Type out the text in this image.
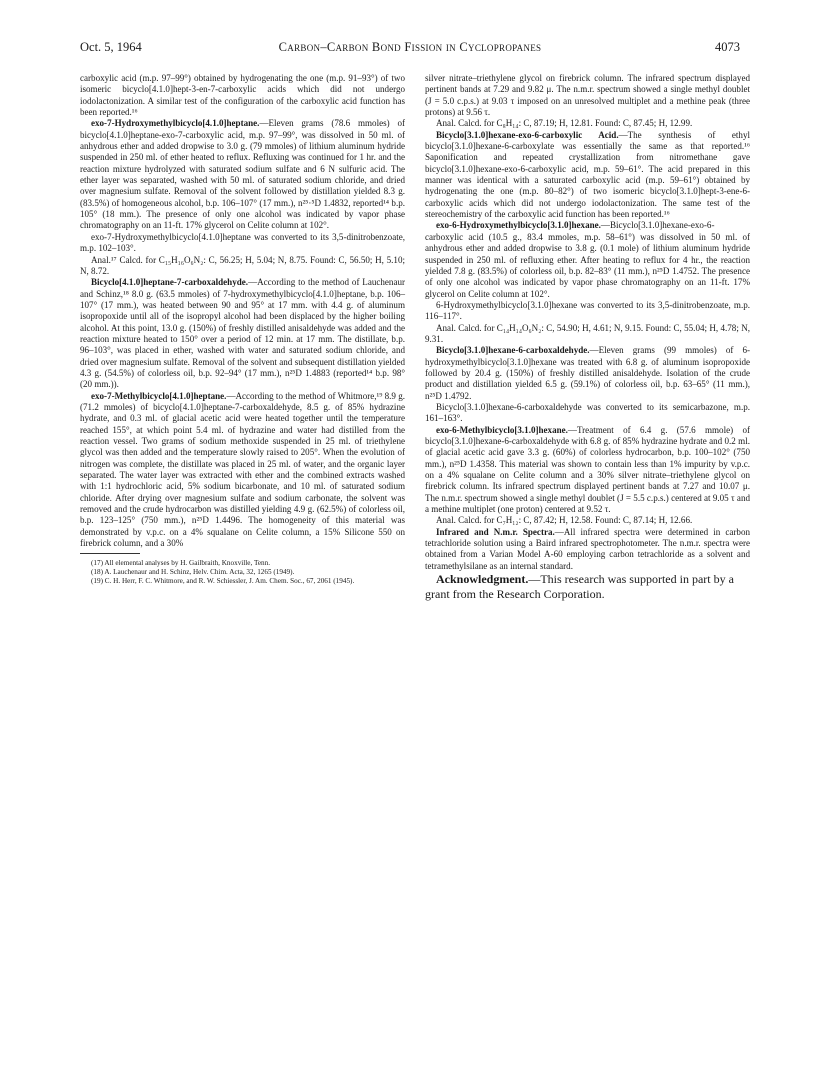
Oct. 5, 1964	Carbon–Carbon Bond Fission in Cyclopropanes	4073

carboxylic acid (m.p. 97–99°) obtained by hydrogenating the one (m.p. 91–93°) of two isomeric bicyclo[4.1.0]hept-3-en-7-carboxylic acids which did not undergo iodolactonization. A similar test of the configuration of the carboxylic acid function has been reported.¹⁶

exo-7-Hydroxymethylbicyclo[4.1.0]heptane.—Eleven grams (78.6 mmoles) of bicyclo[4.1.0]heptane-exo-7-carboxylic acid, m.p. 97–99°, was dissolved in 50 ml. of anhydrous ether and added dropwise to 3.0 g. (79 mmoles) of lithium aluminum hydride suspended in 250 ml. of ether heated to reflux. Refluxing was continued for 1 hr. and the reaction mixture hydrolyzed with saturated sodium sulfate and 6 N sulfuric acid. The ether layer was separated, washed with 50 ml. of saturated sodium chloride, and dried over magnesium sulfate. Removal of the solvent followed by distillation yielded 8.3 g. (83.5%) of homogeneous alcohol, b.p. 106–107° (17 mm.), n²⁵·⁵D 1.4832, reported¹⁴ b.p. 105° (18 mm.). The presence of only one alcohol was indicated by vapor phase chromatography on an 11-ft. 17% glycerol on Celite column at 102°.

exo-7-Hydroxymethylbicyclo[4.1.0]heptane was converted to its 3,5-dinitrobenzoate, m.p. 102–103°.

Anal.¹⁷ Calcd. for C₁₅H₁₆O₆N₂: C, 56.25; H, 5.04; N, 8.75. Found: C, 56.50; H, 5.10; N, 8.72.

Bicyclo[4.1.0]heptane-7-carboxaldehyde.—According to the method of Lauchenaur and Schinz,¹⁸ 8.0 g. (63.5 mmoles) of 7-hydroxymethylbicyclo[4.1.0]heptane, b.p. 106–107° (17 mm.), was heated between 90 and 95° at 17 mm. with 4.4 g. of aluminum isopropoxide until all of the isopropyl alcohol had been displaced by the higher boiling alcohol. At this point, 13.0 g. (150%) of freshly distilled anisaldehyde was added and the reaction mixture heated to 150° over a period of 12 min. at 17 mm. The distillate, b.p. 96–103°, was placed in ether, washed with water and saturated sodium chloride, and dried over magnesium sulfate. Removal of the solvent and subsequent distillation yielded 4.3 g. (54.5%) of colorless oil, b.p. 92–94° (17 mm.), n²⁵D 1.4883 (reported¹⁴ b.p. 98° (20 mm.)).

exo-7-Methylbicyclo[4.1.0]heptane.—According to the method of Whitmore,¹⁹ 8.9 g. (71.2 mmoles) of bicyclo[4.1.0]heptane-7-carboxaldehyde, 8.5 g. of 85% hydrazine hydrate, and 0.3 ml. of glacial acetic acid were heated together until the temperature reached 155°, at which point 5.4 ml. of hydrazine and water had distilled from the reaction vessel. Two grams of sodium methoxide suspended in 25 ml. of triethylene glycol was then added and the temperature slowly raised to 205°. When the evolution of nitrogen was complete, the distillate was placed in 25 ml. of water, and the organic layer separated. The water layer was extracted with ether and the combined extracts washed with 1:1 hydrochloric acid, 5% sodium bicarbonate, and 10 ml. of saturated sodium chloride. After drying over magnesium sulfate and sodium carbonate, the solvent was removed and the crude hydrocarbon was distilled yielding 4.9 g. (62.5%) of colorless oil, b.p. 123–125° (750 mm.), n²⁵D 1.4496. The homogeneity of this material was demonstrated by v.p.c. on a 4% squalane on Celite column, a 15% Silicone 550 on firebrick column, and a 30%

(17) All elemental analyses by H. Gailbraith, Knoxville, Tenn.

(18) A. Lauchenaur and H. Schinz, Helv. Chim. Acta, 32, 1265 (1949).

(19) C. H. Herr, F. C. Whitmore, and R. W. Schiessler, J. Am. Chem. Soc., 67, 2061 (1945).

silver nitrate–triethylene glycol on firebrick column. The infrared spectrum displayed pertinent bands at 7.29 and 9.82 μ. The n.m.r. spectrum showed a single methyl doublet (J = 5.0 c.p.s.) at 9.03 τ imposed on an unresolved multiplet and a methine peak (three protons) at 9.56 τ.

Anal. Calcd. for C₈H₁₄: C, 87.19; H, 12.81. Found: C, 87.45; H, 12.99.

Bicyclo[3.1.0]hexane-exo-6-carboxylic Acid.—The synthesis of ethyl bicyclo[3.1.0]hexane-6-carboxylate was essentially the same as that reported.¹⁶ Saponification and repeated crystallization from nitromethane gave bicyclo[3.1.0]hexane-exo-6-carboxylic acid, m.p. 59–61°. The acid prepared in this manner was identical with a saturated carboxylic acid (m.p. 59–61°) obtained by hydrogenating the one (m.p. 80–82°) of two isomeric bicyclo[3.1.0]hept-3-ene-6-carboxylic acids which did not undergo iodolactonization. The same test of the stereochemistry of the carboxylic acid function has been reported.¹⁶

exo-6-Hydroxymethylbicyclo[3.1.0]hexane.—Bicyclo[3.1.0]hexane-exo-6-carboxylic acid (10.5 g., 83.4 mmoles, m.p. 58–61°) was dissolved in 50 ml. of anhydrous ether and added dropwise to 3.8 g. (0.1 mole) of lithium aluminum hydride suspended in 250 ml. of refluxing ether. After heating to reflux for 4 hr., the reaction yielded 7.8 g. (83.5%) of colorless oil, b.p. 82–83° (11 mm.), n²⁵D 1.4752. The presence of only one alcohol was indicated by vapor phase chromatography on an 11-ft. 17% glycerol on Celite column at 102°.

6-Hydroxymethylbicyclo[3.1.0]hexane was converted to its 3,5-dinitrobenzoate, m.p. 116–117°.

Anal. Calcd. for C₁₄H₁₄O₆N₂: C, 54.90; H, 4.61; N, 9.15. Found: C, 55.04; H, 4.78; N, 9.31.

Bicyclo[3.1.0]hexane-6-carboxaldehyde.—Eleven grams (99 mmoles) of 6-hydroxymethylbicyclo[3.1.0]hexane was treated with 6.8 g. of aluminum isopropoxide followed by 20.4 g. (150%) of freshly distilled anisaldehyde. Isolation of the crude product and distillation yielded 6.5 g. (59.1%) of colorless oil, b.p. 63–65° (11 mm.), n²⁵D 1.4792.

Bicyclo[3.1.0]hexane-6-carboxaldehyde was converted to its semicarbazone, m.p. 161–163°.

exo-6-Methylbicyclo[3.1.0]hexane.—Treatment of 6.4 g. (57.6 mmole) of bicyclo[3.1.0]hexane-6-carboxaldehyde with 6.8 g. of 85% hydrazine hydrate and 0.2 ml. of glacial acetic acid gave 3.3 g. (60%) of colorless hydrocarbon, b.p. 100–102° (750 mm.), n²⁵D 1.4358. This material was shown to contain less than 1% impurity by v.p.c. on a 4% squalane on Celite column and a 30% silver nitrate–triethylene glycol on firebrick column. Its infrared spectrum displayed pertinent bands at 7.27 and 10.07 μ. The n.m.r. spectrum showed a single methyl doublet (J = 5.5 c.p.s.) centered at 9.05 τ and a methine multiplet (one proton) centered at 9.52 τ.

Anal. Calcd. for C₇H₁₂: C, 87.42; H, 12.58. Found: C, 87.14; H, 12.66.

Infrared and N.m.r. Spectra.—All infrared spectra were determined in carbon tetrachloride solution using a Baird infrared spectrophotometer. The n.m.r. spectra were obtained from a Varian Model A-60 employing carbon tetrachloride as a solvent and tetramethylsilane as an internal standard.

Acknowledgment.—This research was supported in part by a grant from the Research Corporation.
